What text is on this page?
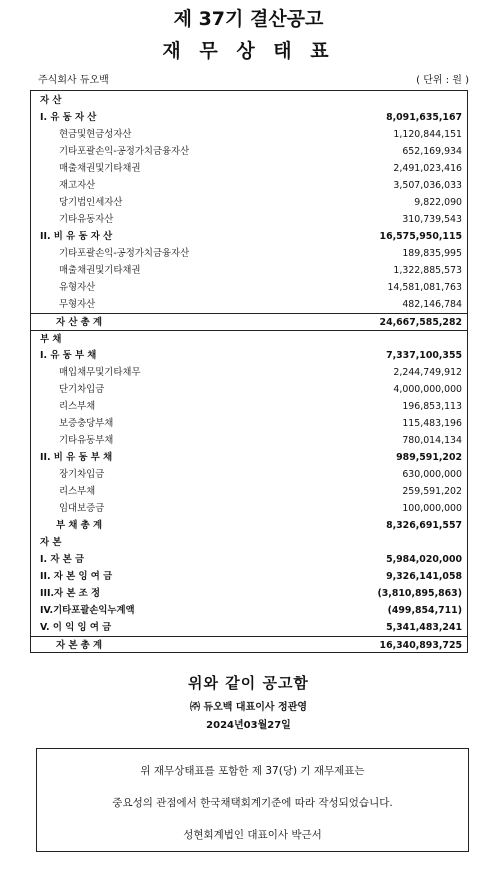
제 37기 결산공고
재 무 상 태 표
주식회사 듀오백	( 단위 : 원 )
자 산
I. 유 동 자 산	8,091,635,167
현금및현금성자산	1,120,844,151
기타포괄손익-공정가치금융자산	652,169,934
매출채권및기타채권	2,491,023,416
재고자산	3,507,036,033
당기법인세자산	9,822,090
기타유동자산	310,739,543
II. 비 유 동 자 산	16,575,950,115
기타포괄손익-공정가치금융자산	189,835,995
매출채권및기타채권	1,322,885,573
유형자산	14,581,081,763
무형자산	482,146,784
자 산 총 계	24,667,585,282
부 채
I. 유 동 부 채	7,337,100,355
매입채무및기타채무	2,244,749,912
단기차입금	4,000,000,000
리스부채	196,853,113
보증충당부채	115,483,196
기타유동부채	780,014,134
II. 비 유 동 부 채	989,591,202
장기차입금	630,000,000
리스부채	259,591,202
임대보증금	100,000,000
부 채 총 계	8,326,691,557
자 본
I. 자 본 금	5,984,020,000
II. 자 본 잉 여 금	9,326,141,058
III.자 본 조 정	(3,810,895,863)
IV.기타포괄손익누계액	(499,854,711)
V. 이 익 잉 여 금	5,341,483,241
자 본 총 계	16,340,893,725
위와 같이 공고함
㈜ 듀오백 대표이사 정관영
2024년03월27일
위 재무상태표를 포함한 제 37(당) 기 재무제표는
중요성의 관점에서 한국채택회계기준에 따라 작성되었습니다.
성현회계법인 대표이사 박근서
